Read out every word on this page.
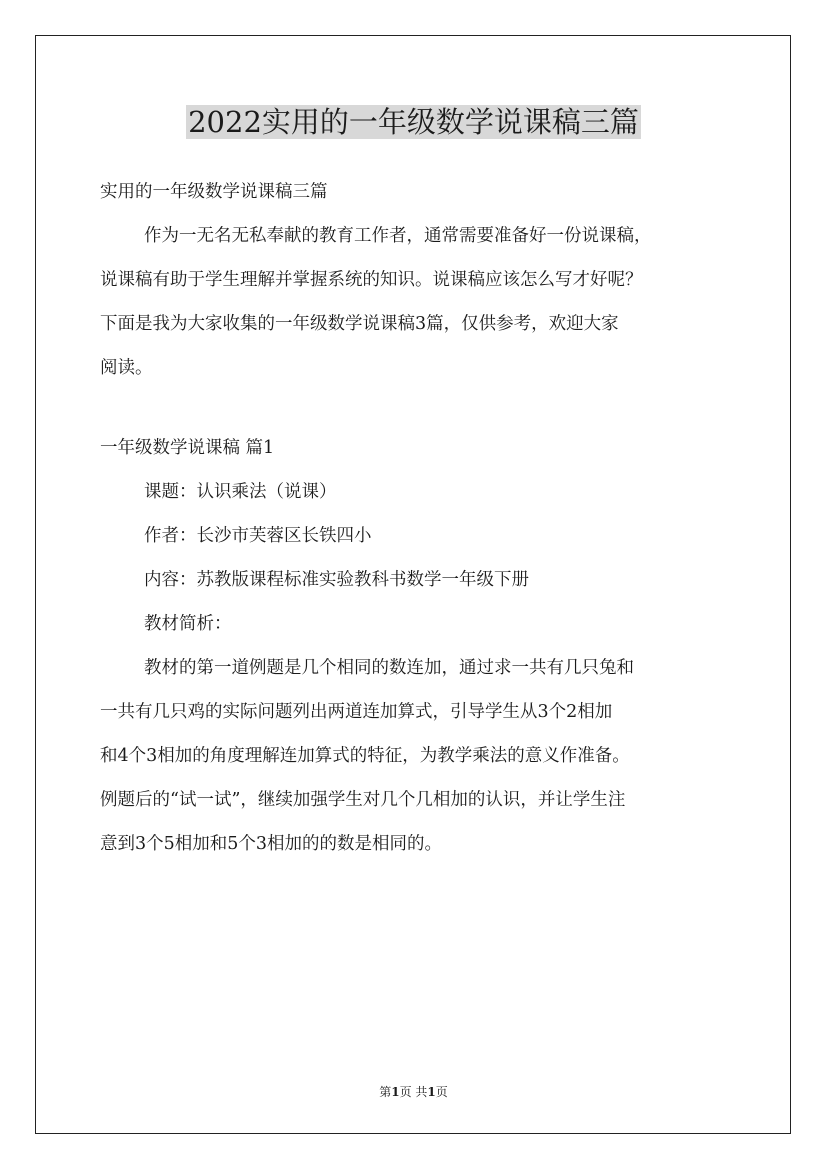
2022实用的一年级数学说课稿三篇

实用的一年级数学说课稿三篇

作为一无名无私奉献的教育工作者，通常需要准备好一份说课稿，

说课稿有助于学生理解并掌握系统的知识。说课稿应该怎么写才好呢？

下面是我为大家收集的一年级数学说课稿3篇，仅供参考，欢迎大家

阅读。

一年级数学说课稿 篇1

课题：认识乘法（说课）

作者：长沙市芙蓉区长铁四小

内容：苏教版课程标准实验教科书数学一年级下册

教材简析：

教材的第一道例题是几个相同的数连加，通过求一共有几只兔和

一共有几只鸡的实际问题列出两道连加算式，引导学生从3个2相加

和4个3相加的角度理解连加算式的特征，为教学乘法的意义作准备。

例题后的“试一试”，继续加强学生对几个几相加的认识，并让学生注

意到3个5相加和5个3相加的的数是相同的。

第1页 共1页
